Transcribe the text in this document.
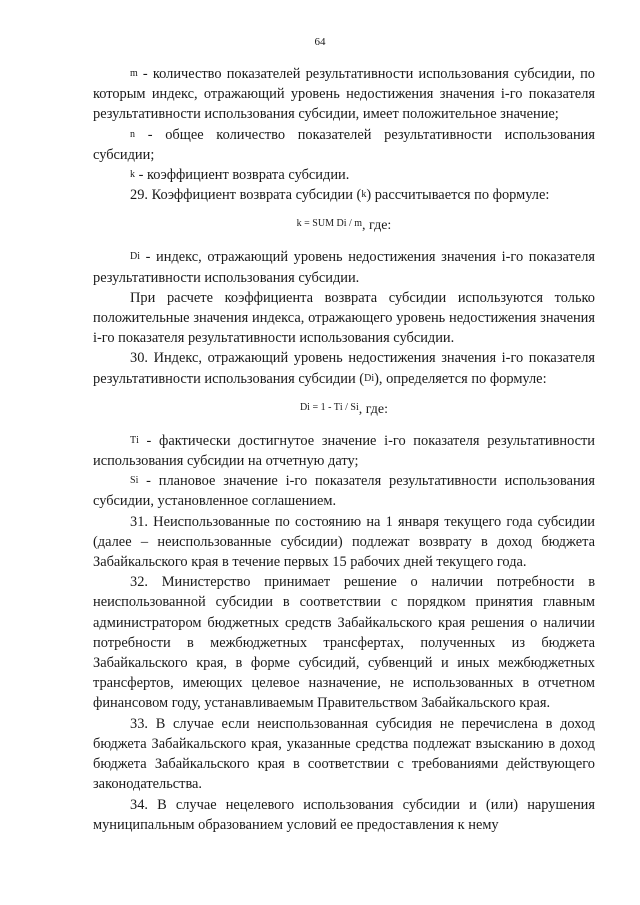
64

m - количество показателей результативности использования субсидии, по которым индекс, отражающий уровень недостижения значения i-го показателя результативности использования субсидии, имеет положительное значение;

n - общее количество показателей результативности использования субсидии;

k - коэффициент возврата субсидии.

29. Коэффициент возврата субсидии (k) рассчитывается по формуле:

$^{k = SUM D}_i$ $^{/ m}$, где:

$D_i$ - индекс, отражающий уровень недостижения значения i-го показателя результативности использования субсидии.

При расчете коэффициента возврата субсидии используются только положительные значения индекса, отражающего уровень недостижения значения i-го показателя результативности использования субсидии.

30. Индекс, отражающий уровень недостижения значения i-го показателя результативности использования субсидии $(D_i)$, определяется по формуле:

$^D_i$ $^{= 1 - T}_i$ $^{/ S}_i$, где:

$T_i$ - фактически достигнутое значение i-го показателя результативности использования субсидии на отчетную дату;

$S_i$ - плановое значение i-го показателя результативности использования субсидии, установленное соглашением.

31. Неиспользованные по состоянию на 1 января текущего года субсидии (далее – неиспользованные субсидии) подлежат возврату в доход бюджета Забайкальского края в течение первых 15 рабочих дней текущего года.

32. Министерство принимает решение о наличии потребности в неиспользованной субсидии в соответствии с порядком принятия главным администратором бюджетных средств Забайкальского края решения о наличии потребности в межбюджетных трансфертах, полученных из бюджета Забайкальского края, в форме субсидий, субвенций и иных межбюджетных трансфертов, имеющих целевое назначение, не использованных в отчетном финансовом году, устанавливаемым Правительством Забайкальского края.

33. В случае если неиспользованная субсидия не перечислена в доход бюджета Забайкальского края, указанные средства подлежат взысканию в доход бюджета Забайкальского края в соответствии с требованиями действующего законодательства.

34. В случае нецелевого использования субсидии и (или) нарушения муниципальным образованием условий ее предоставления к нему
